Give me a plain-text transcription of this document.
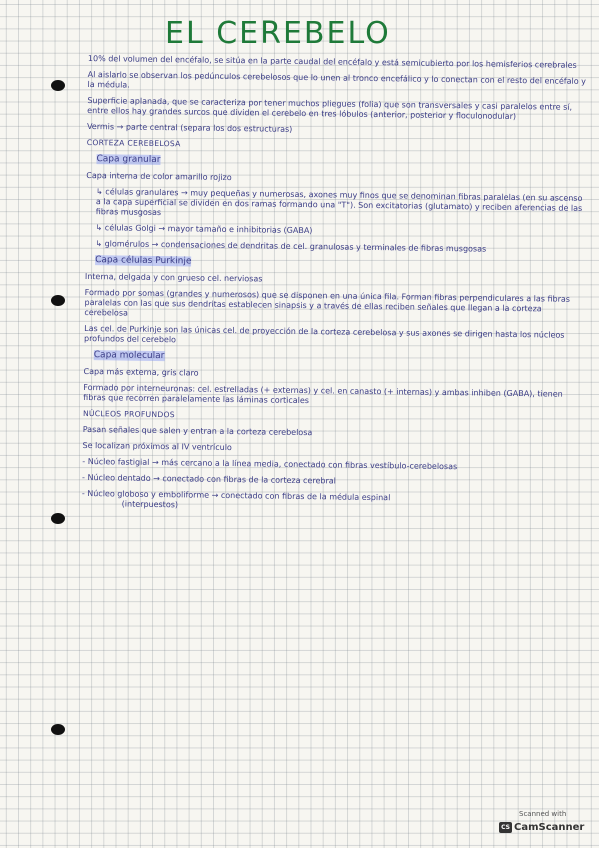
EL CEREBELO

10% del volumen del encéfalo, se sitúa en la parte caudal del encéfalo y está semicubierto por los hemisferios cerebrales

Al aislarlo se observan los pedúnculos cerebelosos que lo unen al tronco encefálico y lo conectan con el resto del encéfalo y la médula.

Superficie aplanada, que se caracteriza por tener muchos pliegues (folia) que son transversales y casi paralelos entre sí, entre ellos hay grandes surcos que dividen el cerebelo en tres lóbulos (anterior, posterior y floculonodular)

Vermis → parte central (separa los dos estructuras)

CORTEZA CEREBELOSA
Capa granular
Capa interna de color amarillo rojizo
↳ células granulares → muy pequeñas y numerosas, axones muy finos que se denominan fibras paralelas (en su ascenso a la capa superficial se dividen en dos ramas formando una "T"). Son excitatorias (glutamato) y reciben aferencias de las fibras musgosas
↳ células Golgi → mayor tamaño e inhibitorias (GABA)
↳ glomérulos → condensaciones de dendritas de cel. granulosas y terminales de fibras musgosas
Capa células Purkinje
Interna, delgada y con grueso cel. nerviosas

Formado por somas (grandes y numerosos) que se disponen en una única fila. Forman fibras perpendiculares a las fibras paralelas con las que sus dendritas establecen sinapsis y a través de ellas reciben señales que llegan a la corteza cerebelosa

Las cel. de Purkinje son las únicas cel. de proyección de la corteza cerebelosa y sus axones se dirigen hasta los núcleos profundos del cerebelo

Capa molecular
Capa más externa, gris claro

Formado por interneuronas: cel. estrelladas (+ externas) y cel. en canasto (+ internas) y ambas inhiben (GABA), tienen fibras que recorren paralelamente las láminas corticales

NÚCLEOS PROFUNDOS
Pasan señales que salen y entran a la corteza cerebelosa
Se localizan próximos al IV ventrículo
- Núcleo fastigial → más cercano a la línea media, conectado con fibras vestíbulo-cerebelosas
- Núcleo dentado → conectado con fibras de la corteza cerebral
- Núcleo globoso y emboliforme → conectado con fibras de la médula espinal
(interpuestos)
Scanned with
CS CamScanner
